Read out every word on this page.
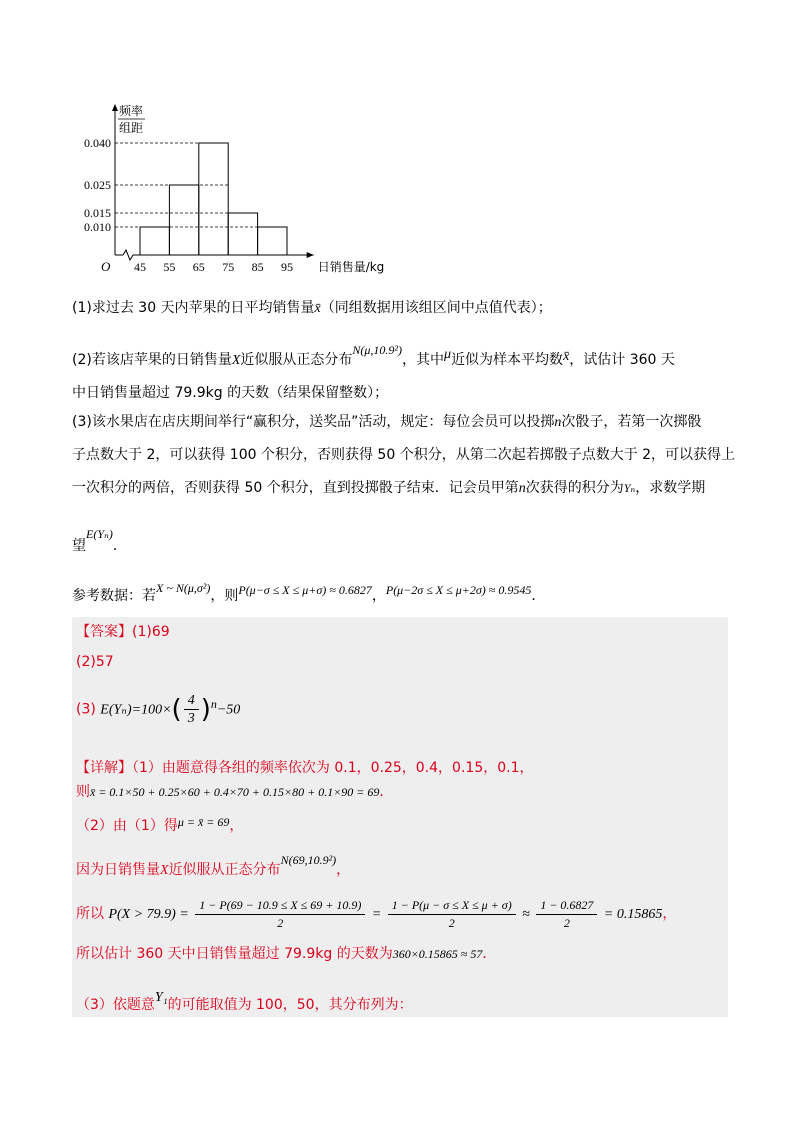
0.040
0.025
0.015
0.010
45 55 65 75 85 95
O
频率
组距
日销售量/kg
(1)求过去 30 天内苹果的日平均销售量x̄（同组数据用该组区间中点值代表）；
(2)若该店苹果的日销售量X近似服从正态分布N(μ,10.9²)，其中μ近似为样本平均数x̄，试估计 360 天
中日销售量超过 79.9kg 的天数（结果保留整数）；
(3)该水果店在店庆期间举行“赢积分，送奖品”活动，规定：每位会员可以投掷n次骰子，若第一次掷骰
子点数大于 2，可以获得 100 个积分，否则获得 50 个积分，从第二次起若掷骰子点数大于 2，可以获得上
一次积分的两倍，否则获得 50 个积分，直到投掷骰子结束．记会员甲第n次获得的积分为Yₙ，求数学期
望E(Yₙ)．
参考数据：若X ~ N(μ,σ²)，则P(μ−σ ≤ X ≤ μ+σ) ≈ 0.6827，P(μ−2σ ≤ X ≤ μ+2σ) ≈ 0.9545．
【答案】(1)69
(2)57
(3) $E(Y_n)=100\times( \frac{4}{3} )^n-50$
【详解】（1）由题意得各组的频率依次为 0.1，0.25，0.4，0.15，0.1，
则x̄ = 0.1×50 + 0.25×60 + 0.4×70 + 0.15×80 + 0.1×90 = 69．
（2）由（1）得μ = x̄ = 69，
因为日销售量X近似服从正态分布N(69,10.9²)，
所以 $P(X > 79.9) = \frac{1 - P(69 - 10.9 \le X \le 69 + 10.9)}{2} = \frac{1 - P(\mu - \sigma \le X \le \mu + \sigma)}{2} \approx \frac{1 - 0.6827}{2} = 0.15865$，
所以估计 360 天中日销售量超过 79.9kg 的天数为360×0.15865 ≈ 57．
（3）依题意Y₁的可能取值为 100，50，其分布列为：
